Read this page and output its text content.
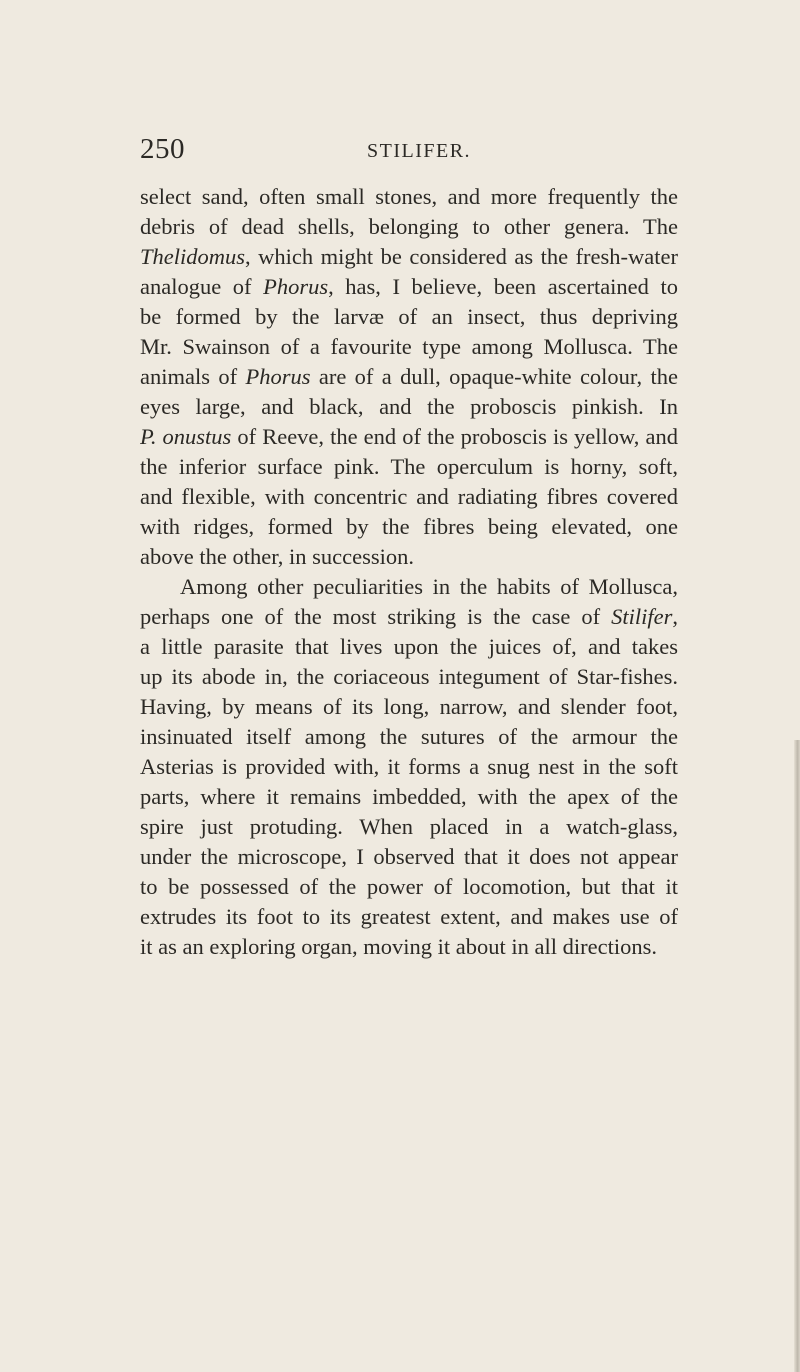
250	STILIFER.
select sand, often small stones, and more frequently the
debris of dead shells, belonging to other genera. The
Thelidomus, which might be considered as the fresh-water
analogue of Phorus, has, I believe, been ascertained to
be formed by the larvæ of an insect, thus depriving
Mr. Swainson of a favourite type among Mollusca. The
animals of Phorus are of a dull, opaque-white colour, the
eyes large, and black, and the proboscis pinkish. In
P. onustus of Reeve, the end of the proboscis is yellow, and
the inferior surface pink. The operculum is horny, soft,
and flexible, with concentric and radiating fibres covered
with ridges, formed by the fibres being elevated, one
above the other, in succession.
Among other peculiarities in the habits of Mollusca,
perhaps one of the most striking is the case of Stilifer,
a little parasite that lives upon the juices of, and takes
up its abode in, the coriaceous integument of Star-fishes.
Having, by means of its long, narrow, and slender foot,
insinuated itself among the sutures of the armour the
Asterias is provided with, it forms a snug nest in the soft
parts, where it remains imbedded, with the apex of the
spire just protuding. When placed in a watch-glass,
under the microscope, I observed that it does not appear
to be possessed of the power of locomotion, but that it
extrudes its foot to its greatest extent, and makes use of
it as an exploring organ, moving it about in all directions.
